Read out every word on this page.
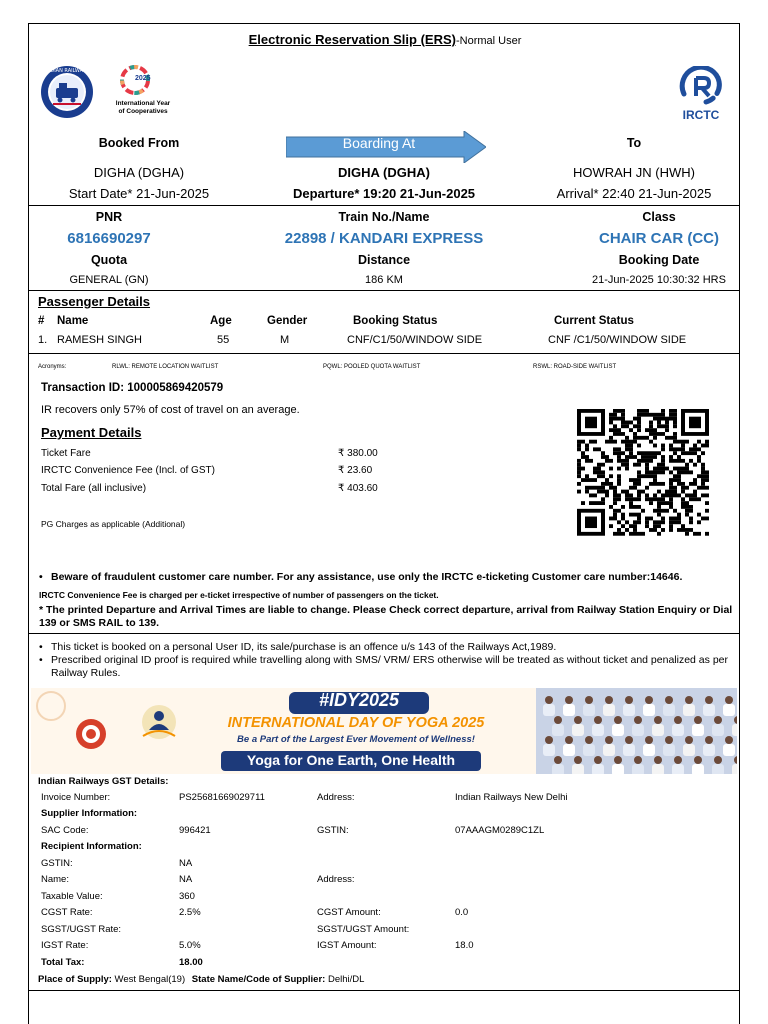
Electronic Reservation Slip (ERS)-Normal User
INDIAN RAILWAYS
2025
International Year
of Cooperatives	IRCTC
Booked From	Boarding At	To
DIGHA (DGHA)	DIGHA (DGHA)	HOWRAH JN (HWH)
Start Date* 21-Jun-2025	Departure* 19:20 21-Jun-2025	Arrival* 22:40 21-Jun-2025
PNR	Train No./Name	Class
6816690297	22898 / KANDARI EXPRESS	CHAIR CAR (CC)
Quota	Distance	Booking Date
GENERAL (GN)	186 KM	21-Jun-2025 10:30:32 HRS
Passenger Details
# Name	Age	Gender	Booking Status	Current Status
1. RAMESH SINGH	55	M	CNF/C1/50/WINDOW SIDE	CNF /C1/50/WINDOW SIDE
Acronyms:	RLWL: REMOTE LOCATION WAITLIST	PQWL: POOLED QUOTA WAITLIST	RSWL: ROAD-SIDE WAITLIST
Transaction ID: 100005869420579
IR recovers only 57% of cost of travel on an average.
Payment Details
Ticket Fare	₹ 380.00
IRCTC Convenience Fee (Incl. of GST)	₹ 23.60
Total Fare (all inclusive)	₹ 403.60
PG Charges as applicable (Additional)
• Beware of fraudulent customer care number. For any assistance, use only the IRCTC e-ticketing Customer care number:14646.
IRCTC Convenience Fee is charged per e-ticket irrespective of number of passengers on the ticket.
* The printed Departure and Arrival Times are liable to change. Please Check correct departure, arrival from Railway Station Enquiry or Dial 139 or SMS RAIL to 139.
• This ticket is booked on a personal User ID, its sale/purchase is an offence u/s 143 of the Railways Act,1989.
• Prescribed original ID proof is required while travelling along with SMS/ VRM/ ERS otherwise will be treated as without ticket and penalized as per Railway Rules.
#IDY2025
INTERNATIONAL DAY OF YOGA 2025
Be a Part of the Largest Ever Movement of Wellness!
Yoga for One Earth, One Health
Indian Railways GST Details:
Invoice Number:	PS25681669029711	Address:	Indian Railways New Delhi
Supplier Information:			
SAC Code:	996421	GSTIN:	07AAAGM0289C1ZL
Recipient Information:			
GSTIN:	NA		
Name:	NA	Address:	
Taxable Value:	360		
CGST Rate:	2.5%	CGST Amount:	0.0
SGST/UGST Rate:		SGST/UGST Amount:	
IGST Rate:	5.0%	IGST Amount:	18.0
Total Tax:	18.00		
Place of Supply: West Bengal(19) State Name/Code of Supplier: Delhi/DL
